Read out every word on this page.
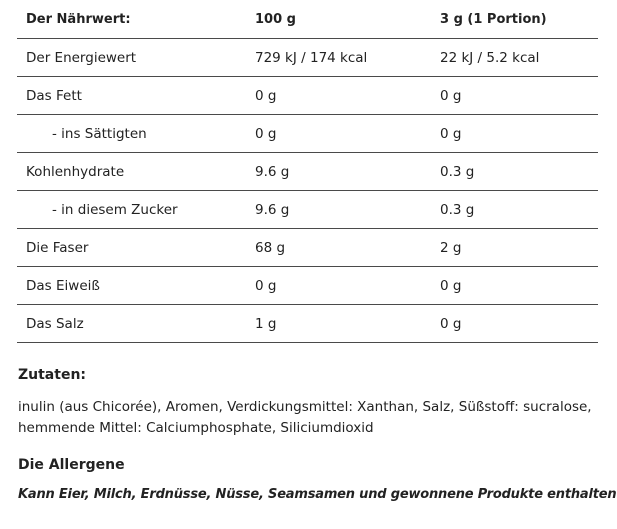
Der Nährwert:	100 g	3 g (1 Portion)
Der Energiewert	729 kJ / 174 kcal	22 kJ / 5.2 kcal
Das Fett	0 g	0 g
- ins Sättigten	0 g	0 g
Kohlenhydrate	9.6 g	0.3 g
- in diesem Zucker	9.6 g	0.3 g
Die Faser	68 g	2 g
Das Eiweiß	0 g	0 g
Das Salz	1 g	0 g
Zutaten:
inulin (aus Chicorée), Aromen, Verdickungsmittel: Xanthan, Salz, Süßstoff: sucralose, hemmende Mittel: Calciumphosphate, Siliciumdioxid
Die Allergene
Kann Eier, Milch, Erdnüsse, Nüsse, Seamsamen und gewonnene Produkte enthalten
